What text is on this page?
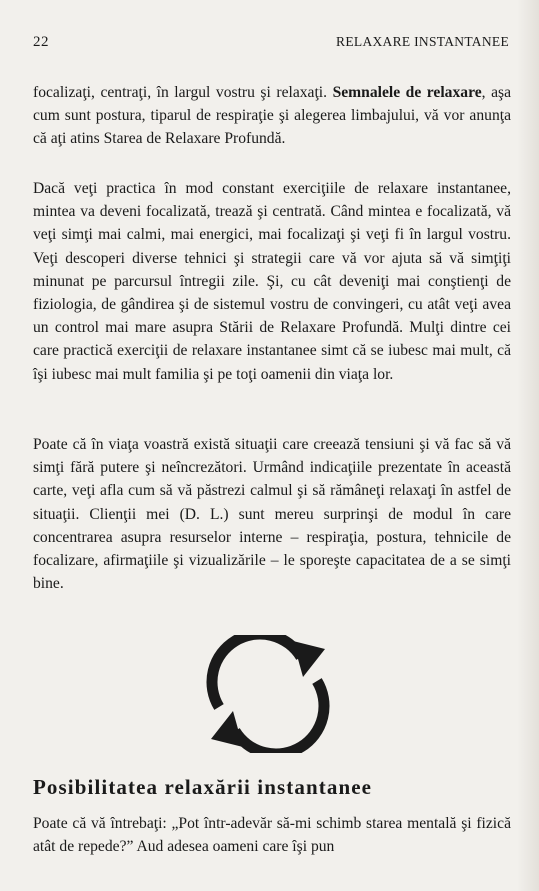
22	RELAXARE INSTANTANEE

focalizaţi, centraţi, în largul vostru şi relaxaţi. Semnalele de relaxare, aşa cum sunt postura, tiparul de respiraţie şi alegerea limbajului, vă vor anunţa că aţi atins Starea de Relaxare Profundă.

Dacă veţi practica în mod constant exerciţiile de relaxare instantanee, mintea va deveni focalizată, trează şi centrată. Când mintea e focalizată, vă veţi simţi mai calmi, mai energici, mai focalizaţi şi veţi fi în largul vostru. Veţi descoperi diverse tehnici şi strategii care vă vor ajuta să vă simţiţi minunat pe parcursul întregii zile. Şi, cu cât deveniţi mai conştienţi de fiziologia, de gândirea şi de sistemul vostru de convingeri, cu atât veţi avea un control mai mare asupra Stării de Relaxare Profundă. Mulţi dintre cei care practică exerciţii de relaxare instantanee simt că se iubesc mai mult, că îşi iubesc mai mult familia şi pe toţi oamenii din viaţa lor.

Poate că în viaţa voastră există situaţii care creează tensiuni şi vă fac să vă simţi fără putere şi neîncrezători. Urmând indicaţiile prezentate în această carte, veţi afla cum să vă păstrezi calmul şi să rămâneţi relaxaţi în astfel de situaţii. Clienţii mei (D. L.) sunt mereu surprinşi de modul în care concentrarea asupra resurselor interne – respiraţia, postura, tehnicile de focalizare, afirmaţiile şi vizualizările – le sporeşte capacitatea de a se simţi bine.

Posibilitatea relaxării instantanee

Poate că vă întrebaţi: „Pot într-adevăr să-mi schimb starea mentală şi fizică atât de repede?” Aud adesea oameni care îşi pun
